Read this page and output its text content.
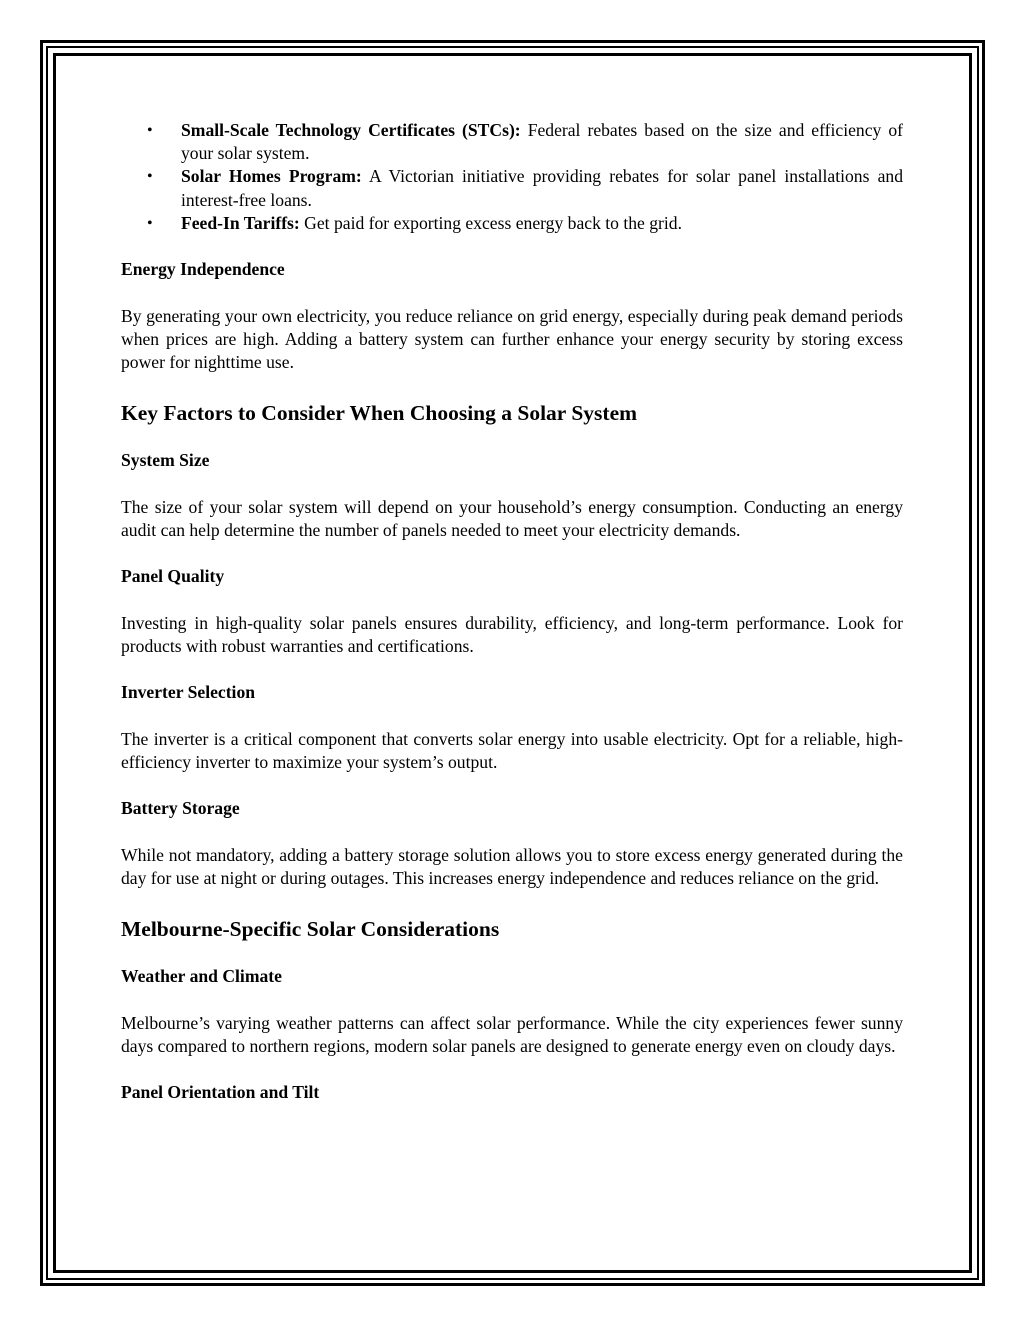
• Small-Scale Technology Certificates (STCs): Federal rebates based on the size and efficiency of your solar system.
• Solar Homes Program: A Victorian initiative providing rebates for solar panel installations and interest-free loans.
• Feed-In Tariffs: Get paid for exporting excess energy back to the grid.
Energy Independence

By generating your own electricity, you reduce reliance on grid energy, especially during peak demand periods when prices are high. Adding a battery system can further enhance your energy security by storing excess power for nighttime use.

Key Factors to Consider When Choosing a Solar System
System Size

The size of your solar system will depend on your household’s energy consumption. Conducting an energy audit can help determine the number of panels needed to meet your electricity demands.

Panel Quality

Investing in high-quality solar panels ensures durability, efficiency, and long-term performance. Look for products with robust warranties and certifications.

Inverter Selection

The inverter is a critical component that converts solar energy into usable electricity. Opt for a reliable, high-efficiency inverter to maximize your system’s output.

Battery Storage

While not mandatory, adding a battery storage solution allows you to store excess energy generated during the day for use at night or during outages. This increases energy independence and reduces reliance on the grid.

Melbourne-Specific Solar Considerations
Weather and Climate

Melbourne’s varying weather patterns can affect solar performance. While the city experiences fewer sunny days compared to northern regions, modern solar panels are designed to generate energy even on cloudy days.

Panel Orientation and Tilt
